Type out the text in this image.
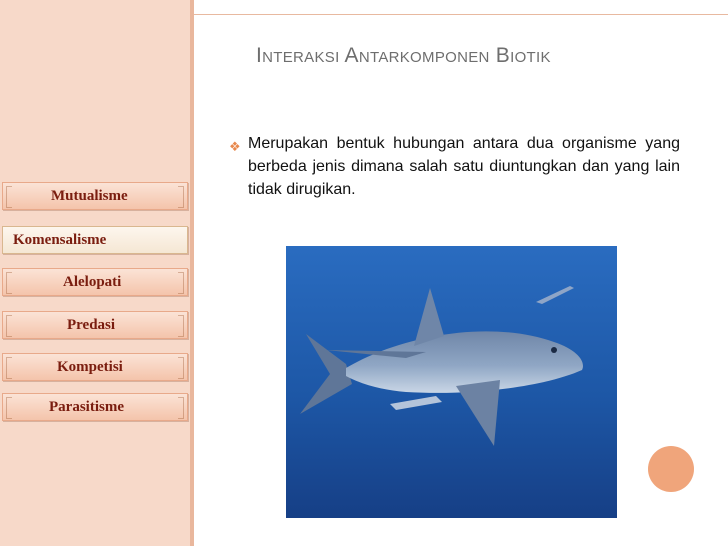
Interaksi Antarkomponen Biotik
❖ Merupakan bentuk hubungan antara dua organisme yang berbeda jenis dimana salah satu diuntungkan dan yang lain tidak dirugikan.
Mutualisme
Komensalisme
Alelopati
Predasi
Kompetisi
Parasitisme
